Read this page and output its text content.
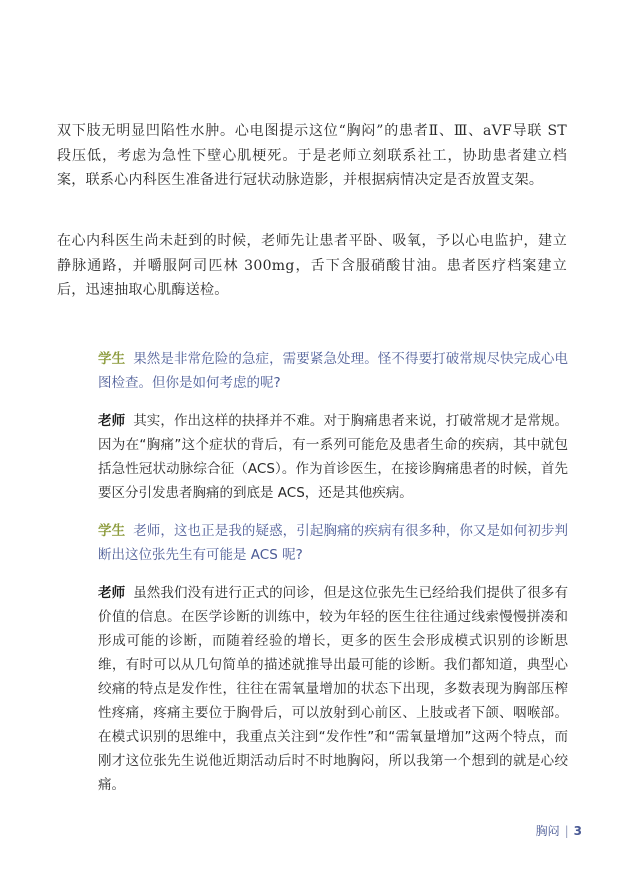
双下肢无明显凹陷性水肿。心电图提示这位“胸闷”的患者Ⅱ、Ⅲ、aVF导联 ST 段压低，考虑为急性下壁心肌梗死。于是老师立刻联系社工，协助患者建立档案，联系心内科医生准备进行冠状动脉造影，并根据病情决定是否放置支架。

在心内科医生尚未赶到的时候，老师先让患者平卧、吸氧，予以心电监护，建立静脉通路，并嚼服阿司匹林 300mg，舌下含服硝酸甘油。患者医疗档案建立后，迅速抽取心肌酶送检。

学生 果然是非常危险的急症，需要紧急处理。怪不得要打破常规尽快完成心电图检查。但你是如何考虑的呢?

老师 其实，作出这样的抉择并不难。对于胸痛患者来说，打破常规才是常规。因为在“胸痛”这个症状的背后，有一系列可能危及患者生命的疾病，其中就包括急性冠状动脉综合征（ACS）。作为首诊医生，在接诊胸痛患者的时候，首先要区分引发患者胸痛的到底是 ACS，还是其他疾病。

学生 老师，这也正是我的疑惑，引起胸痛的疾病有很多种，你又是如何初步判断出这位张先生有可能是 ACS 呢?

老师 虽然我们没有进行正式的问诊，但是这位张先生已经给我们提供了很多有价值的信息。在医学诊断的训练中，较为年轻的医生往往通过线索慢慢拼凑和形成可能的诊断，而随着经验的增长，更多的医生会形成模式识别的诊断思维，有时可以从几句简单的描述就推导出最可能的诊断。我们都知道，典型心绞痛的特点是发作性，往往在需氧量增加的状态下出现，多数表现为胸部压榨性疼痛，疼痛主要位于胸骨后，可以放射到心前区、上肢或者下颌、咽喉部。在模式识别的思维中，我重点关注到“发作性”和“需氧量增加”这两个特点，而刚才这位张先生说他近期活动后时不时地胸闷，所以我第一个想到的就是心绞痛。

胸闷 | 3
